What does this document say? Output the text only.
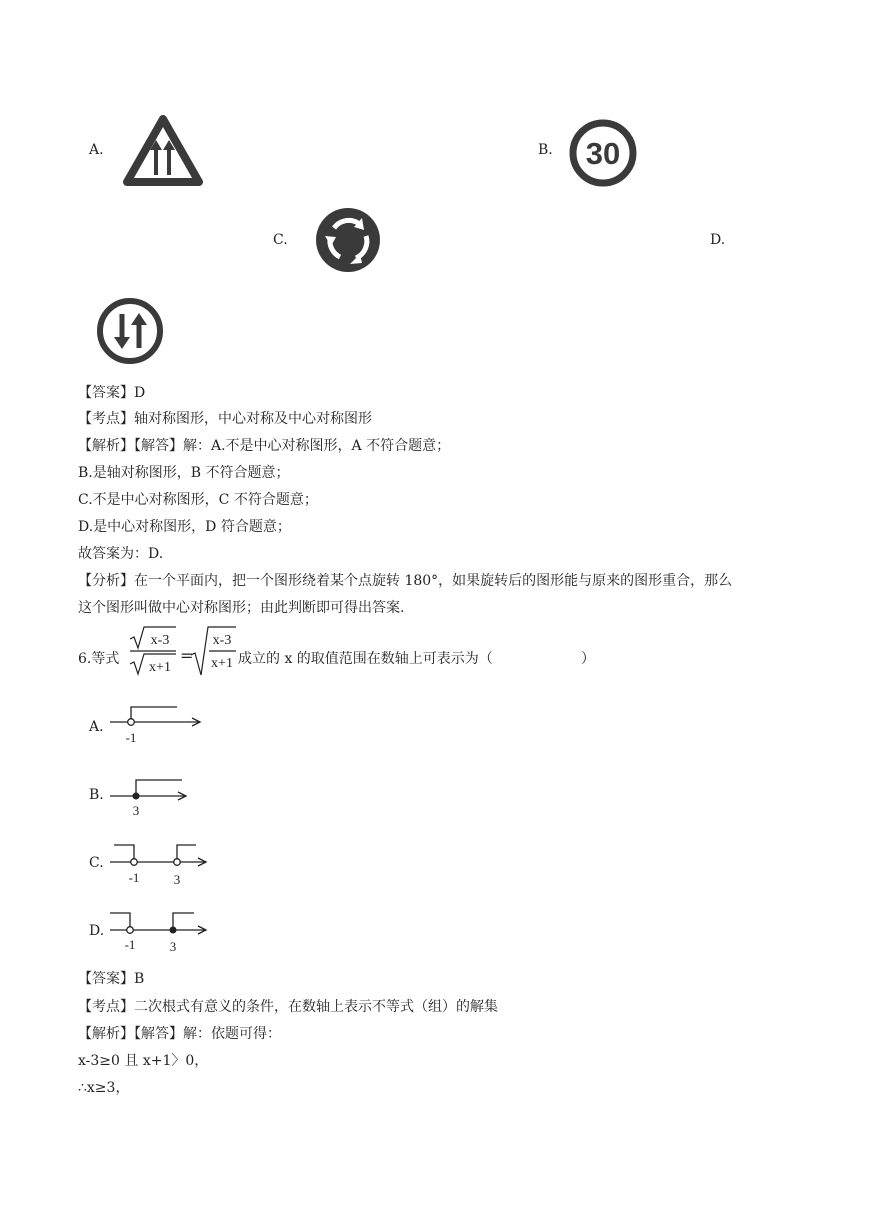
A.	B. 30
C.	D.
【答案】D
【考点】轴对称图形，中心对称及中心对称图形
【解析】【解答】解：A.不是中心对称图形，A 不符合题意；
B.是轴对称图形，B 不符合题意；
C.不是中心对称图形，C 不符合题意；
D.是中心对称图形，D 符合题意；
故答案为：D.
【分析】在一个平面内，把一个图形绕着某个点旋转 180°，如果旋转后的图形能与原来的图形重合，那么
这个图形叫做中心对称图形；由此判断即可得出答案.
6.等式
x-3
x+1
=
x-3
x+1 成立的 x 的取值范围在数轴上可表示为（	）
A.
-1
B.
3
C.
-1	3
D.
-1	3
【答案】B
【考点】二次根式有意义的条件，在数轴上表示不等式（组）的解集
【解析】【解答】解：依题可得：
x-3≥0 且 x+1〉0，
∴x≥3，
